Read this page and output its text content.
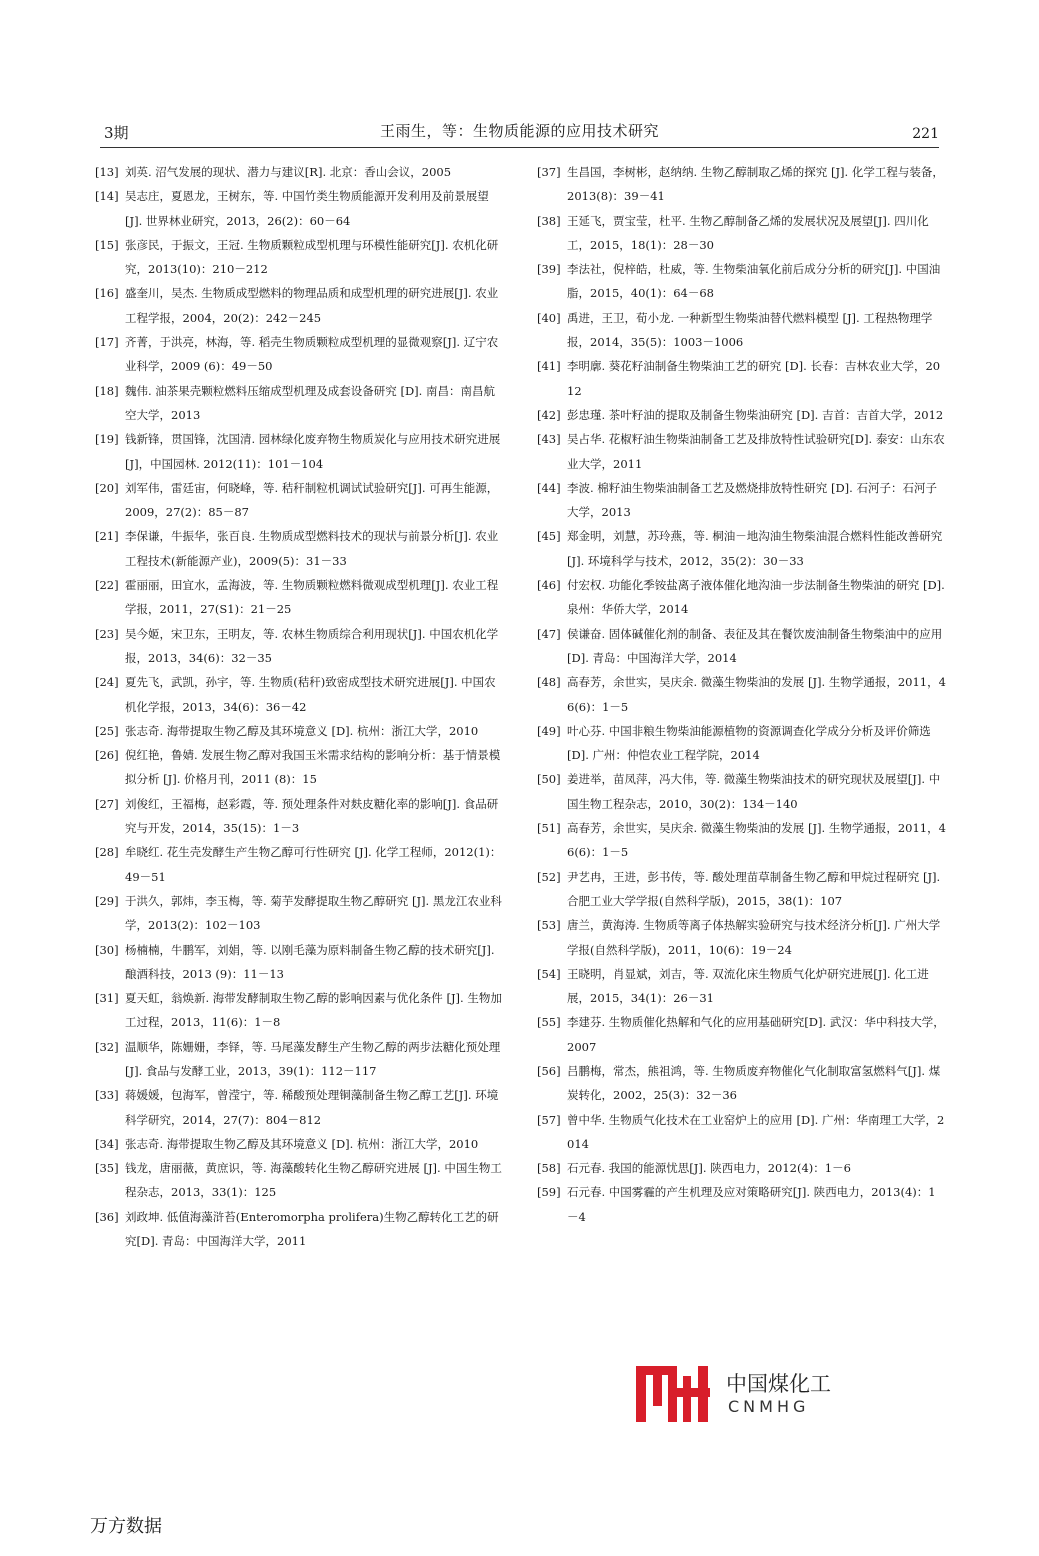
3期	王雨生，等：生物质能源的应用技术研究	221
[13] 刘英. 沼气发展的现状、潜力与建议[R]. 北京：香山会议，2005
[14] 吴志庄，夏恩龙，王树东，等. 中国竹类生物质能源开发利用及前景展望[J]. 世界林业研究，2013，26(2)：60－64
[15] 张彦民，于振文，王冠. 生物质颗粒成型机理与环模性能研究[J]. 农机化研究，2013(10)：210－212
[16] 盛奎川，吴杰. 生物质成型燃料的物理品质和成型机理的研究进展[J]. 农业工程学报，2004，20(2)：242－245
[17] 齐菁，于洪亮，林海，等. 稻壳生物质颗粒成型机理的显微观察[J]. 辽宁农业科学，2009 (6)：49－50
[18] 魏伟. 油茶果壳颗粒燃料压缩成型机理及成套设备研究 [D]. 南昌：南昌航空大学，2013
[19] 钱新锋，贯国锋，沈国清. 园林绿化废弃物生物质炭化与应用技术研究进展[J]，中国园林. 2012(11)：101－104
[20] 刘军伟，雷廷宙，何晓峰，等. 秸秆制粒机调试试验研究[J]. 可再生能源，2009，27(2)：85－87
[21] 李保谦，牛振华，张百良. 生物质成型燃料技术的现状与前景分析[J]. 农业工程技术(新能源产业)，2009(5)：31－33
[22] 霍丽丽，田宜水，孟海波，等. 生物质颗粒燃料微观成型机理[J]. 农业工程学报，2011，27(S1)：21－25
[23] 吴今姬，宋卫东，王明友，等. 农林生物质综合利用现状[J]. 中国农机化学报，2013，34(6)：32－35
[24] 夏先飞，武凯，孙宇，等. 生物质(秸秆)致密成型技术研究进展[J]. 中国农机化学报，2013，34(6)：36－42
[25] 张志奇. 海带提取生物乙醇及其环境意义 [D]. 杭州：浙江大学，2010
[26] 倪红艳，鲁婧. 发展生物乙醇对我国玉米需求结构的影响分析：基于情景模拟分析 [J]. 价格月刊，2011 (8)：15
[27] 刘俊红，王福梅，赵彩霞，等. 预处理条件对麸皮糖化率的影响[J]. 食品研究与开发，2014，35(15)：1－3
[28] 牟晓红. 花生壳发酵生产生物乙醇可行性研究 [J]. 化学工程师，2012(1)：49－51
[29] 于洪久，郭炜，李玉梅，等. 菊芋发酵提取生物乙醇研究 [J]. 黑龙江农业科学，2013(2)：102－103
[30] 杨楠楠，牛鹏军，刘娟，等. 以刚毛藻为原料制备生物乙醇的技术研究[J]. 酿酒科技，2013 (9)：11－13
[31] 夏天虹，翁焕新. 海带发酵制取生物乙醇的影响因素与优化条件 [J]. 生物加工过程，2013，11(6)：1－8
[32] 温顺华，陈姗姗，李铎，等. 马尾藻发酵生产生物乙醇的两步法糖化预处理 [J]. 食品与发酵工业，2013，39(1)：112－117
[33] 蒋媛媛，包海军，曾滢宁，等. 稀酸预处理铜藻制备生物乙醇工艺[J]. 环境科学研究，2014，27(7)：804－812
[34] 张志奇. 海带提取生物乙醇及其环境意义 [D]. 杭州：浙江大学，2010
[35] 钱龙，唐丽薇，黄庶识，等. 海藻酸转化生物乙醇研究进展 [J]. 中国生物工程杂志，2013，33(1)：125
[36] 刘政坤. 低值海藻浒苔(Enteromorpha prolifera)生物乙醇转化工艺的研究[D]. 青岛：中国海洋大学，2011
[37] 生昌国，李树彬，赵纳纳. 生物乙醇制取乙烯的探究 [J]. 化学工程与装备，2013(8)：39－41
[38] 王延飞，贾宝莹，杜平. 生物乙醇制备乙烯的发展状况及展望[J]. 四川化工，2015，18(1)：28－30
[39] 李法社，倪梓皓，杜威，等. 生物柴油氧化前后成分分析的研究[J]. 中国油脂，2015，40(1)：64－68
[40] 禹进，王卫，荀小龙. 一种新型生物柴油替代燃料模型 [J]. 工程热物理学报，2014，35(5)：1003－1006
[41] 李明廓. 葵花籽油制备生物柴油工艺的研究 [D]. 长春：吉林农业大学，2012
[42] 彭忠瑾. 茶叶籽油的提取及制备生物柴油研究 [D]. 吉首：吉首大学，2012
[43] 吴占华. 花椒籽油生物柴油制备工艺及排放特性试验研究[D]. 泰安：山东农业大学，2011
[44] 李波. 棉籽油生物柴油制备工艺及燃烧排放特性研究 [D]. 石河子：石河子大学，2013
[45] 郑金明，刘慧，苏玲燕，等. 桐油－地沟油生物柴油混合燃料性能改善研究 [J]. 环境科学与技术，2012，35(2)：30－33
[46] 付宏权. 功能化季铵盐离子液体催化地沟油一步法制备生物柴油的研究 [D]. 泉州：华侨大学，2014
[47] 侯谦奋. 固体碱催化剂的制备、表征及其在餐饮废油制备生物柴油中的应用 [D]. 青岛：中国海洋大学，2014
[48] 高春芳，余世实，吴庆余. 微藻生物柴油的发展 [J]. 生物学通报，2011，46(6)：1－5
[49] 叶心芬. 中国非粮生物柴油能源植物的资源调查化学成分分析及评价筛选 [D]. 广州：仲恺农业工程学院，2014
[50] 姜进举，苗凤萍，冯大伟，等. 微藻生物柴油技术的研究现状及展望[J]. 中国生物工程杂志，2010，30(2)：134－140
[51] 高春芳，余世实，吴庆余. 微藻生物柴油的发展 [J]. 生物学通报，2011，46(6)：1－5
[52] 尹艺冉，王进，彭书传，等. 酸处理苗草制备生物乙醇和甲烷过程研究 [J]. 合肥工业大学学报(自然科学版)，2015，38(1)：107
[53] 唐兰，黄海涛. 生物质等离子体热解实验研究与技术经济分析[J]. 广州大学学报(自然科学版)，2011，10(6)：19－24
[54] 王晓明，肖显斌，刘吉，等. 双流化床生物质气化炉研究进展[J]. 化工进展，2015，34(1)：26－31
[55] 李建芬. 生物质催化热解和气化的应用基础研究[D]. 武汉：华中科技大学，2007
[56] 吕鹏梅，常杰，熊祖鸿，等. 生物质废弃物催化气化制取富氢燃料气[J]. 煤炭转化，2002，25(3)：32－36
[57] 曾中华. 生物质气化技术在工业窑炉上的应用 [D]. 广州：华南理工大学，2014
[58] 石元春. 我国的能源忧思[J]. 陕西电力，2012(4)：1－6
[59] 石元春. 中国雾霾的产生机理及应对策略研究[J]. 陕西电力，2013(4)：1－4
中国煤化工
CNMHG
万方数据
